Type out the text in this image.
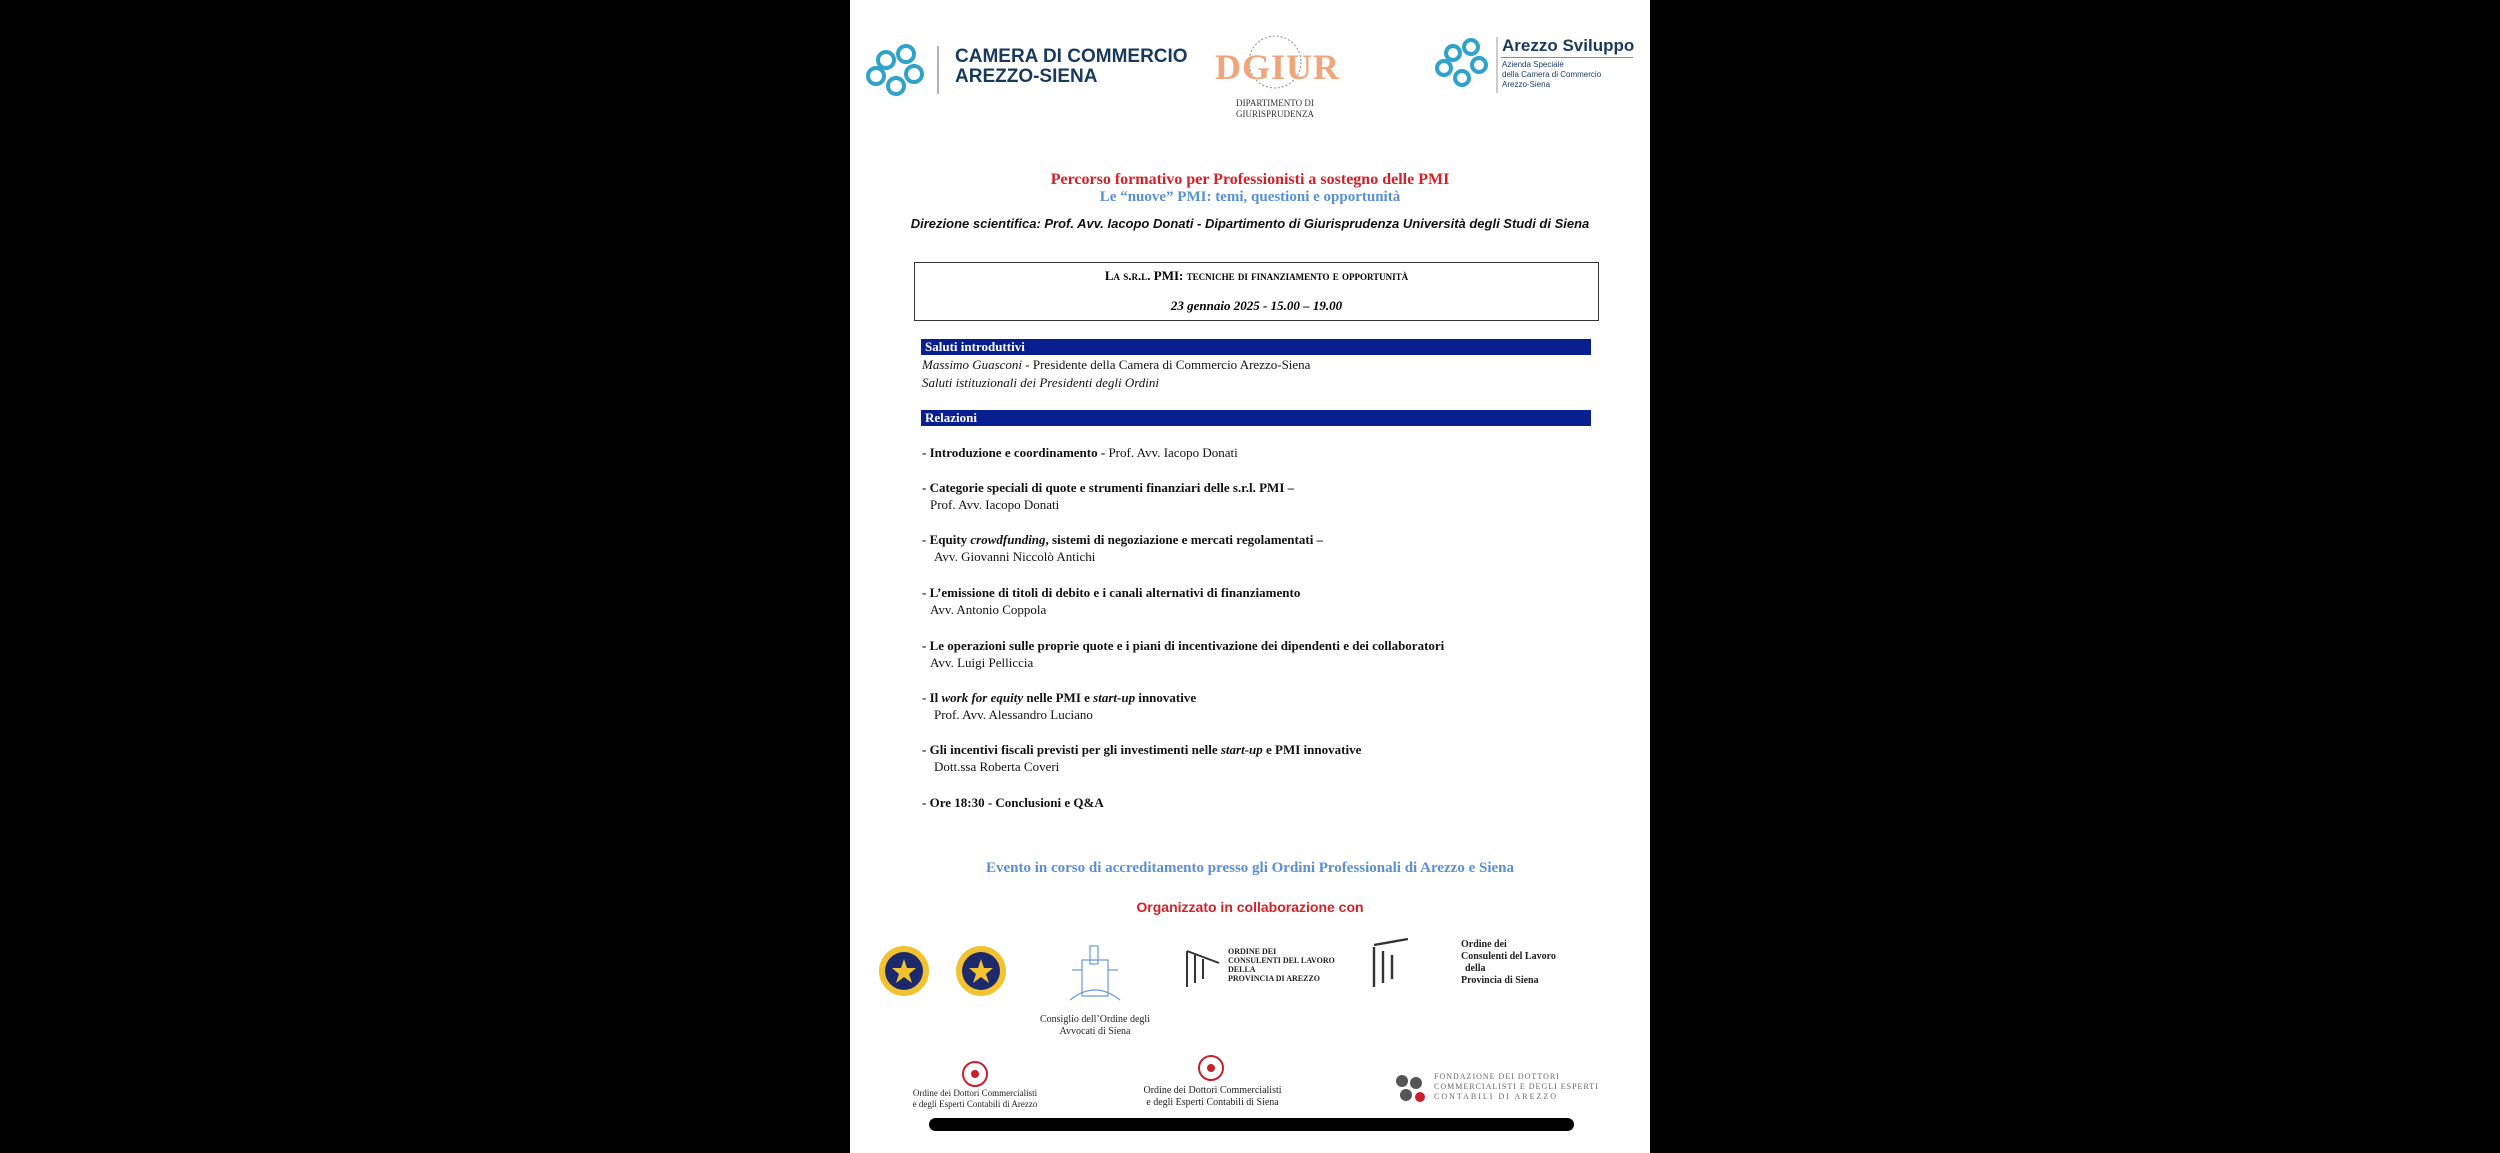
CAMERA DI COMMERCIO
AREZZO-SIENA	DGIUR
DIPARTIMENTO DI
GIURISPRUDENZA
Arezzo Sviluppo
Azienda Speciale
della Camera di Commercio
Arezzo-Siena
Percorso formativo per Professionisti a sostegno delle PMI
Le “nuove” PMI: temi, questioni e opportunità
Direzione scientifica: Prof. Avv. Iacopo Donati - Dipartimento di Giurisprudenza Università degli Studi di Siena
La s.r.l. PMI: tecniche di finanziamento e opportunità
23 gennaio 2025 - 15.00 – 19.00
Saluti introduttivi
Massimo Guasconi - Presidente della Camera di Commercio Arezzo-Siena
Saluti istituzionali dei Presidenti degli Ordini
Relazioni
- Introduzione e coordinamento - Prof. Avv. Iacopo Donati
- Categorie speciali di quote e strumenti finanziari delle s.r.l. PMI –
Prof. Avv. Iacopo Donati
- Equity crowdfunding, sistemi di negoziazione e mercati regolamentati –
Avv. Giovanni Niccolò Antichi
- L’emissione di titoli di debito e i canali alternativi di finanziamento
Avv. Antonio Coppola
- Le operazioni sulle proprie quote e i piani di incentivazione dei dipendenti e dei collaboratori
Avv. Luigi Pelliccia
- Il work for equity nelle PMI e start-up innovative
Prof. Avv. Alessandro Luciano
- Gli incentivi fiscali previsti per gli investimenti nelle start-up e PMI innovative
Dott.ssa Roberta Coveri
- Ore 18:30 - Conclusioni e Q&A
Evento in corso di accreditamento presso gli Ordini Professionali di Arezzo e Siena
Organizzato in collaborazione con
Consiglio dell’Ordine degli
Avvocati di Siena
ORDINE DEI
CONSULENTI DEL LAVORO
DELLA
PROVINCIA DI AREZZO
Ordine dei
Consulenti del Lavoro
della
Provincia di Siena
Ordine dei Dottori Commercialisti
e degli Esperti Contabili di Arezzo
Ordine dei Dottori Commercialisti
e degli Esperti Contabili di Siena
FONDAZIONE DEI DOTTORI
COMMERCIALISTI E DEGLI ESPERTI
CONTABILI DI AREZZO
